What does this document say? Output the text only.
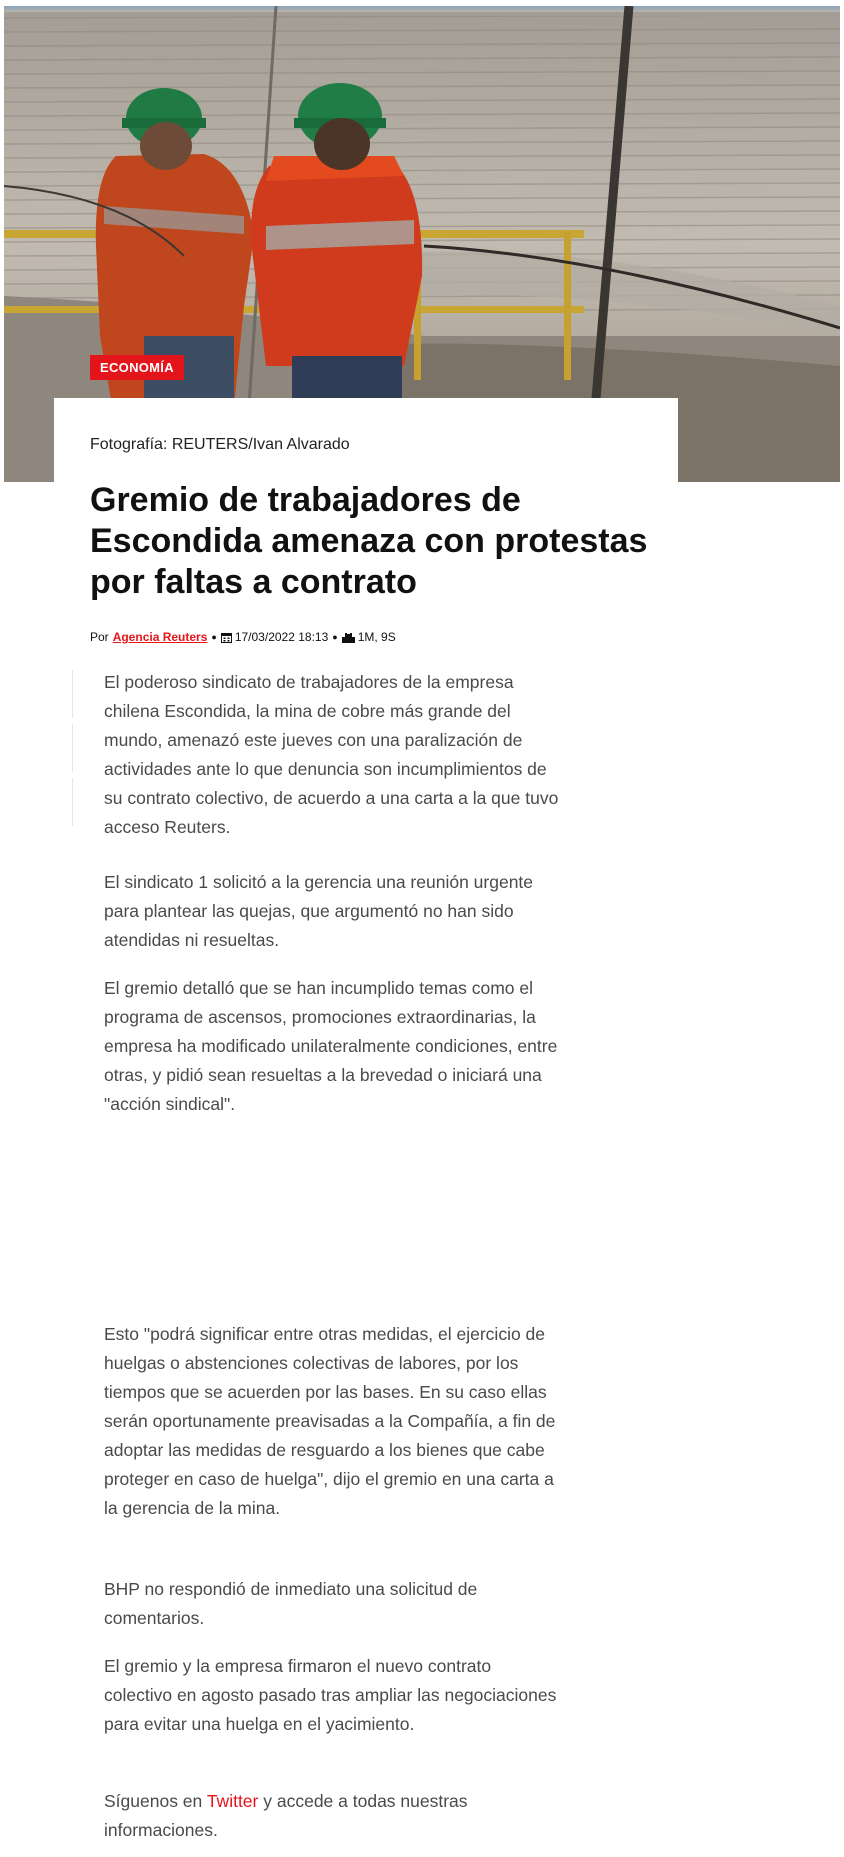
ECONOMÍA
Fotografía: REUTERS/Ivan Alvarado
Gremio de trabajadores de Escondida amenaza con protestas por faltas a contrato
Por Agencia Reuters ● 17/03/2022 18:13 ● 1M, 9S

El poderoso sindicato de trabajadores de la empresa chilena Escondida, la mina de cobre más grande del mundo, amenazó este jueves con una paralización de actividades ante lo que denuncia son incumplimientos de su contrato colectivo, de acuerdo a una carta a la que tuvo acceso Reuters.

El sindicato 1 solicitó a la gerencia una reunión urgente para plantear las quejas, que argumentó no han sido atendidas ni resueltas.

El gremio detalló que se han incumplido temas como el programa de ascensos, promociones extraordinarias, la empresa ha modificado unilateralmente condiciones, entre otras, y pidió sean resueltas a la brevedad o iniciará una "acción sindical".

Esto "podrá significar entre otras medidas, el ejercicio de huelgas o abstenciones colectivas de labores, por los tiempos que se acuerden por las bases. En su caso ellas serán oportunamente preavisadas a la Compañía, a fin de adoptar las medidas de resguardo a los bienes que cabe proteger en caso de huelga", dijo el gremio en una carta a la gerencia de la mina.

BHP no respondió de inmediato una solicitud de comentarios.

El gremio y la empresa firmaron el nuevo contrato colectivo en agosto pasado tras ampliar las negociaciones para evitar una huelga en el yacimiento.

Síguenos en Twitter y accede a todas nuestras informaciones.
